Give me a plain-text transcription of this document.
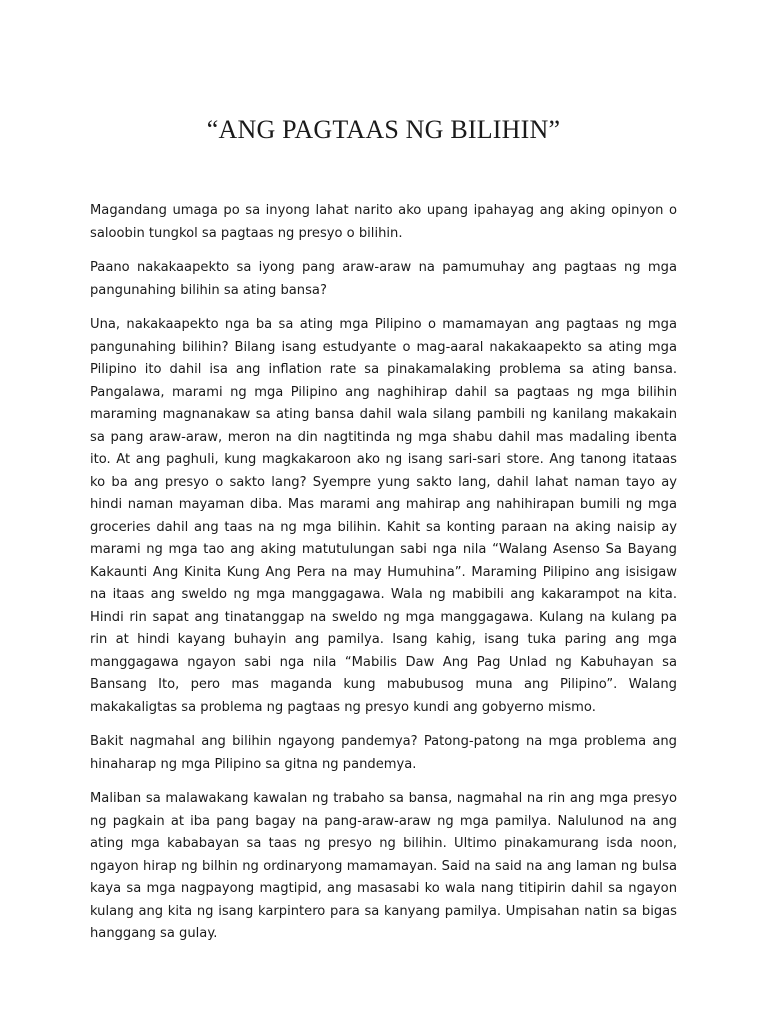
“ANG PAGTAAS NG BILIHIN”

Magandang umaga po sa inyong lahat narito ako upang ipahayag ang aking opinyon o saloobin tungkol sa pagtaas ng presyo o bilihin.

Paano nakakaapekto sa iyong pang araw-araw na pamumuhay ang pagtaas ng mga pangunahing bilihin sa ating bansa?

Una, nakakaapekto nga ba sa ating mga Pilipino o mamamayan ang pagtaas ng mga pangunahing bilihin? Bilang isang estudyante o mag-aaral nakakaapekto sa ating mga Pilipino ito dahil isa ang inflation rate sa pinakamalaking problema sa ating bansa. Pangalawa, marami ng mga Pilipino ang naghihirap dahil sa pagtaas ng mga bilihin maraming magnanakaw sa ating bansa dahil wala silang pambili ng kanilang makakain sa pang araw-araw, meron na din nagtitinda ng mga shabu dahil mas madaling ibenta ito. At ang paghuli, kung magkakaroon ako ng isang sari-sari store. Ang tanong itataas ko ba ang presyo o sakto lang? Syempre yung sakto lang, dahil lahat naman tayo ay hindi naman mayaman diba. Mas marami ang mahirap ang nahihirapan bumili ng mga groceries dahil ang taas na ng mga bilihin. Kahit sa konting paraan na aking naisip ay marami ng mga tao ang aking matutulungan sabi nga nila “Walang Asenso Sa Bayang Kakaunti Ang Kinita Kung Ang Pera na may Humuhina”. Maraming Pilipino ang isisigaw na itaas ang sweldo ng mga manggagawa. Wala ng mabibili ang kakarampot na kita. Hindi rin sapat ang tinatanggap na sweldo ng mga manggagawa. Kulang na kulang pa rin at hindi kayang buhayin ang pamilya. Isang kahig, isang tuka paring ang mga manggagawa ngayon sabi nga nila “Mabilis Daw Ang Pag Unlad ng Kabuhayan sa Bansang Ito, pero mas maganda kung mabubusog muna ang Pilipino”. Walang makakaligtas sa problema ng pagtaas ng presyo kundi ang gobyerno mismo.

Bakit nagmahal ang bilihin ngayong pandemya? Patong-patong na mga problema ang hinaharap ng mga Pilipino sa gitna ng pandemya.

Maliban sa malawakang kawalan ng trabaho sa bansa, nagmahal na rin ang mga presyo ng pagkain at iba pang bagay na pang-araw-araw ng mga pamilya. Nalulunod na ang ating mga kababayan sa taas ng presyo ng bilihin. Ultimo pinakamurang isda noon, ngayon hirap ng bilhin ng ordinaryong mamamayan. Said na said na ang laman ng bulsa kaya sa mga nagpayong magtipid, ang masasabi ko wala nang titipirin dahil sa ngayon kulang ang kita ng isang karpintero para sa kanyang pamilya. Umpisahan natin sa bigas hanggang sa gulay.
